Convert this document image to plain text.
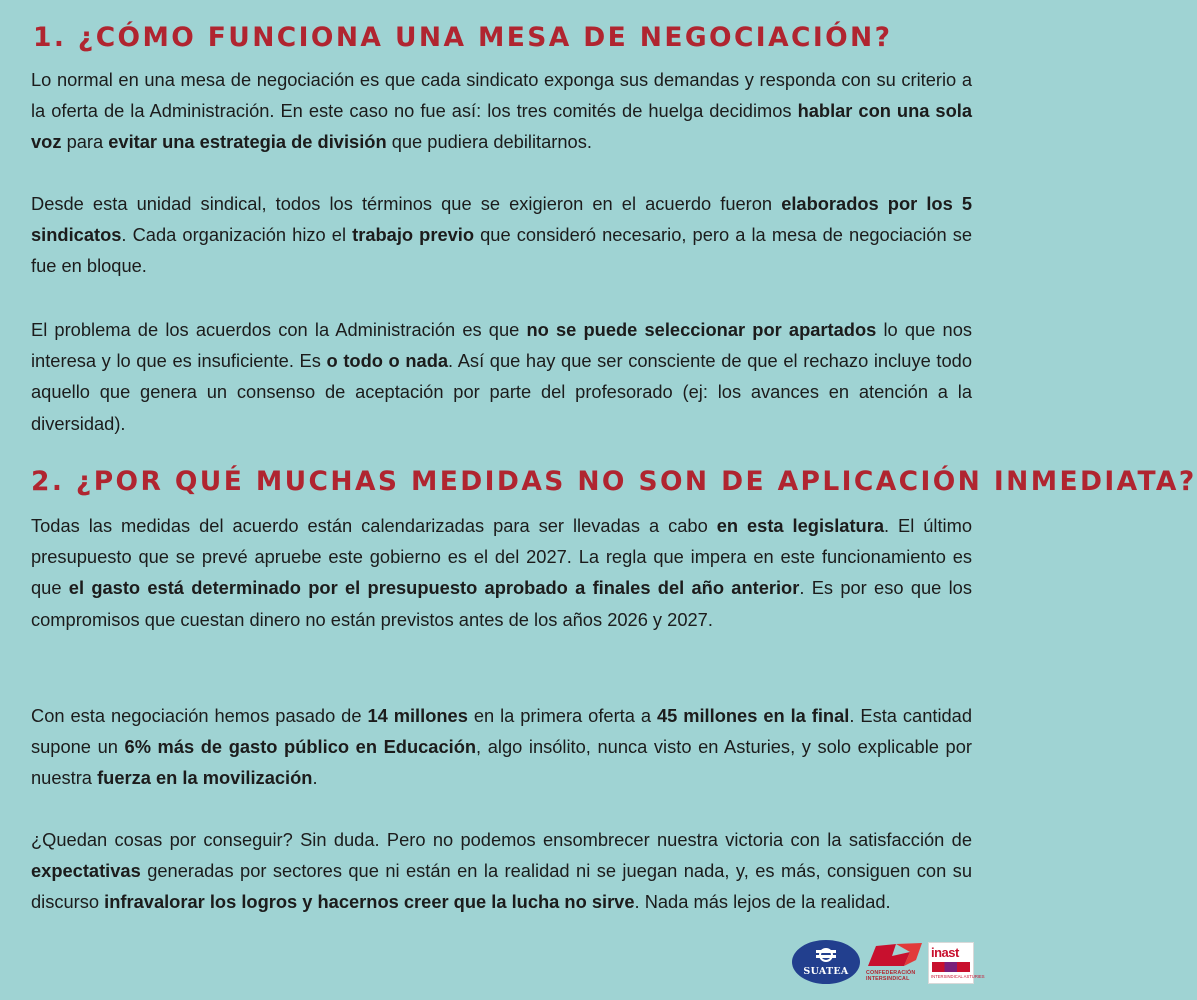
1. ¿CÓMO FUNCIONA UNA MESA DE NEGOCIACIÓN?

Lo normal en una mesa de negociación es que cada sindicato exponga sus demandas y responda con su criterio a la oferta de la Administración. En este caso no fue así: los tres comités de huelga decidimos hablar con una sola voz para evitar una estrategia de división que pudiera debilitarnos.

Desde esta unidad sindical, todos los términos que se exigieron en el acuerdo fueron elaborados por los 5 sindicatos. Cada organización hizo el trabajo previo que consideró necesario, pero a la mesa de negociación se fue en bloque.

El problema de los acuerdos con la Administración es que no se puede seleccionar por apartados lo que nos interesa y lo que es insuficiente. Es o todo o nada. Así que hay que ser consciente de que el rechazo incluye todo aquello que genera un consenso de aceptación por parte del profesorado (ej: los avances en atención a la diversidad).

2. ¿POR QUÉ MUCHAS MEDIDAS NO SON DE APLICACIÓN INMEDIATA?

Todas las medidas del acuerdo están calendarizadas para ser llevadas a cabo en esta legislatura. El último presupuesto que se prevé apruebe este gobierno es el del 2027. La regla que impera en este funcionamiento es que el gasto está determinado por el presupuesto aprobado a finales del año anterior. Es por eso que los compromisos que cuestan dinero no están previstos antes de los años 2026 y 2027.

Con esta negociación hemos pasado de 14 millones en la primera oferta a 45 millones en la final. Esta cantidad supone un 6% más de gasto público en Educación, algo insólito, nunca visto en Asturies, y solo explicable por nuestra fuerza en la movilización.

¿Quedan cosas por conseguir? Sin duda. Pero no podemos ensombrecer nuestra victoria con la satisfacción de expectativas generadas por sectores que ni están en la realidad ni se juegan nada, y, es más, consiguen con su discurso infravalorar los logros y hacernos creer que la lucha no sirve. Nada más lejos de la realidad.

SUATEA	CONFEDERACIÓN
INTERSINDICAL
inast
INTERSINDICAL ASTURIES
